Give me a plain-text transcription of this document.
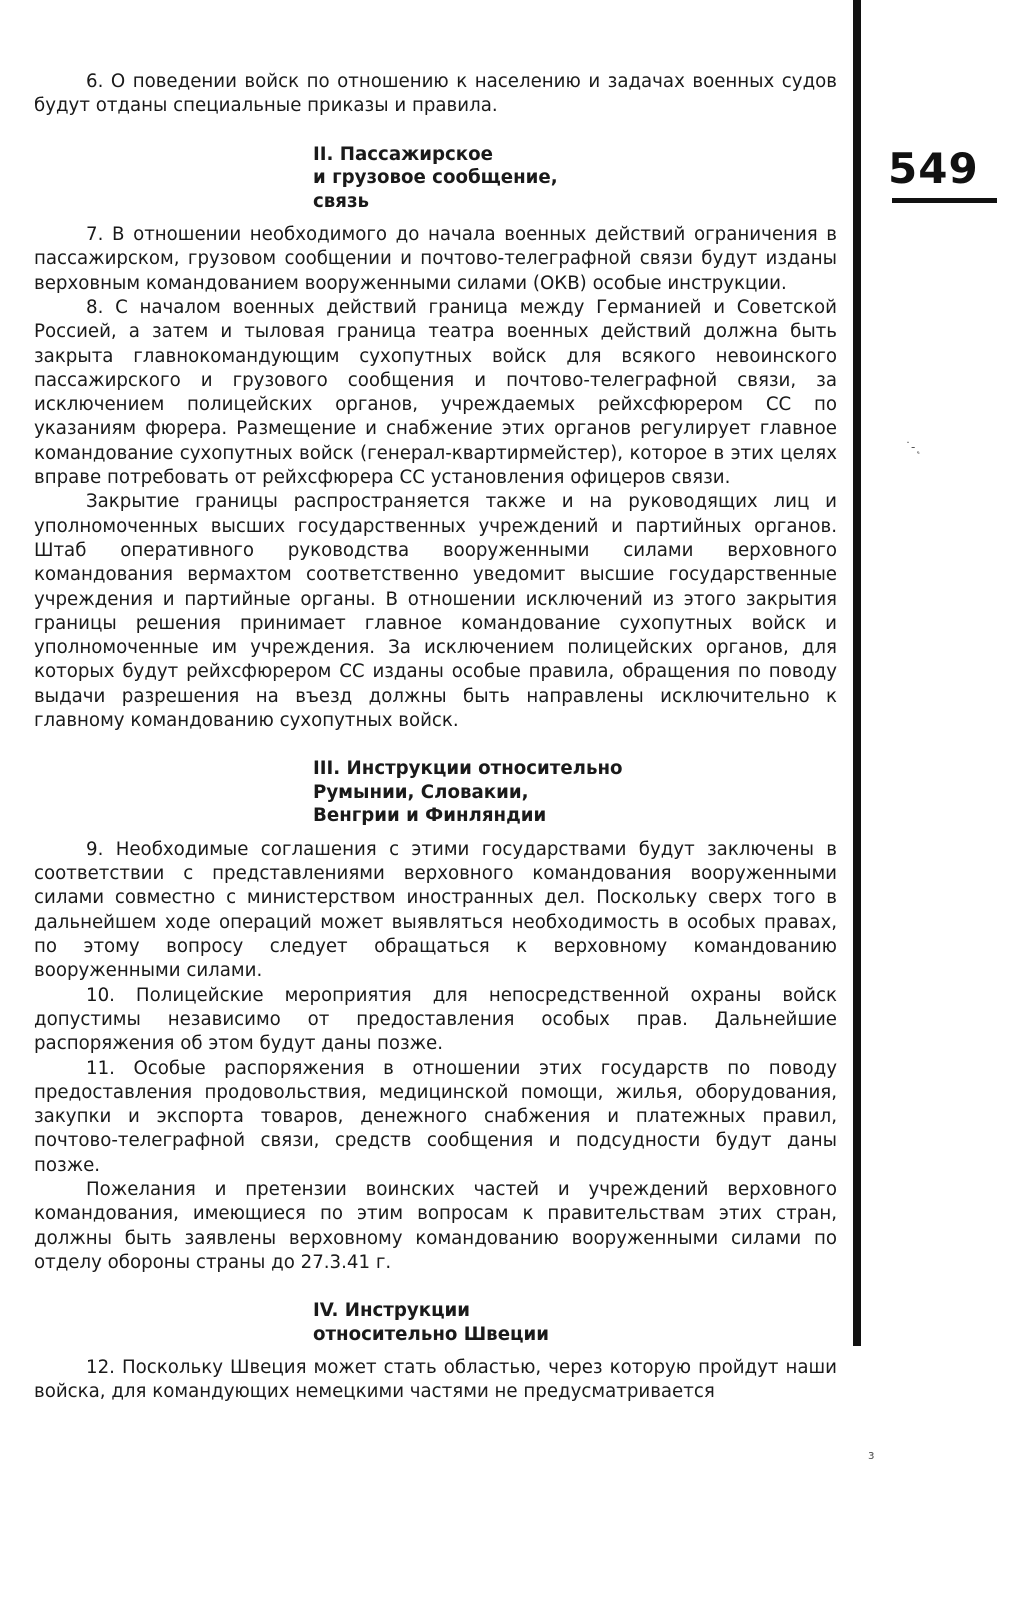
549
˙‐˛
ɜ

6. О поведении войск по отношению к населению и задачах военных судов будут отданы специальные приказы и правила.

II. Пассажирское
и грузовое сообщение,
связь

7. В отношении необходимого до начала военных действий ограничения в пассажирском, грузовом сообщении и почтово-телеграфной связи будут изданы верховным командованием вооруженными силами (ОКВ) особые инструкции.

8. С началом военных действий граница между Германией и Советской Россией, а затем и тыловая граница театра военных действий должна быть закрыта главнокомандующим сухопутных войск для всякого невоинского пассажирского и грузового сообщения и почтово-телеграфной связи, за исключением полицейских органов, учреждаемых рейхсфюрером СС по указаниям фюрера. Размещение и снабжение этих органов регулирует главное командование сухопутных войск (генерал-квартирмейстер), которое в этих целях вправе потребовать от рейхсфюрера СС установления офицеров связи.

Закрытие границы распространяется также и на руководящих лиц и уполномоченных высших государственных учреждений и партийных органов. Штаб оперативного руководства вооруженными силами верховного командования вермахтом соответственно уведомит высшие государственные учреждения и партийные органы. В отношении исключений из этого закрытия границы решения принимает главное командование сухопутных войск и уполномоченные им учреждения. За исключением полицейских органов, для которых будут рейхсфюрером СС изданы особые правила, обращения по поводу выдачи разрешения на въезд должны быть направлены исключительно к главному командованию сухопутных войск.

III. Инструкции относительно
Румынии, Словакии,
Венгрии и Финляндии

9. Необходимые соглашения с этими государствами будут заключены в соответствии с представлениями верховного командования вооруженными силами совместно с министерством иностранных дел. Поскольку сверх того в дальнейшем ходе операций может выявляться необходимость в особых правах, по этому вопросу следует обращаться к верховному командованию вооруженными силами.

10. Полицейские мероприятия для непосредственной охраны войск допустимы независимо от предоставления особых прав. Дальнейшие распоряжения об этом будут даны позже.

11. Особые распоряжения в отношении этих государств по поводу предоставления продовольствия, медицинской помощи, жилья, оборудования, закупки и экспорта товаров, денежного снабжения и платежных правил, почтово-телеграфной связи, средств сообщения и подсудности будут даны позже.

Пожелания и претензии воинских частей и учреждений верховного командования, имеющиеся по этим вопросам к правительствам этих стран, должны быть заявлены верховному командованию вооруженными силами по отделу обороны страны до 27.3.41 г.

IV. Инструкции
относительно Швеции

12. Поскольку Швеция может стать областью, через которую пройдут наши войска, для командующих немецкими частями не предусматривается
